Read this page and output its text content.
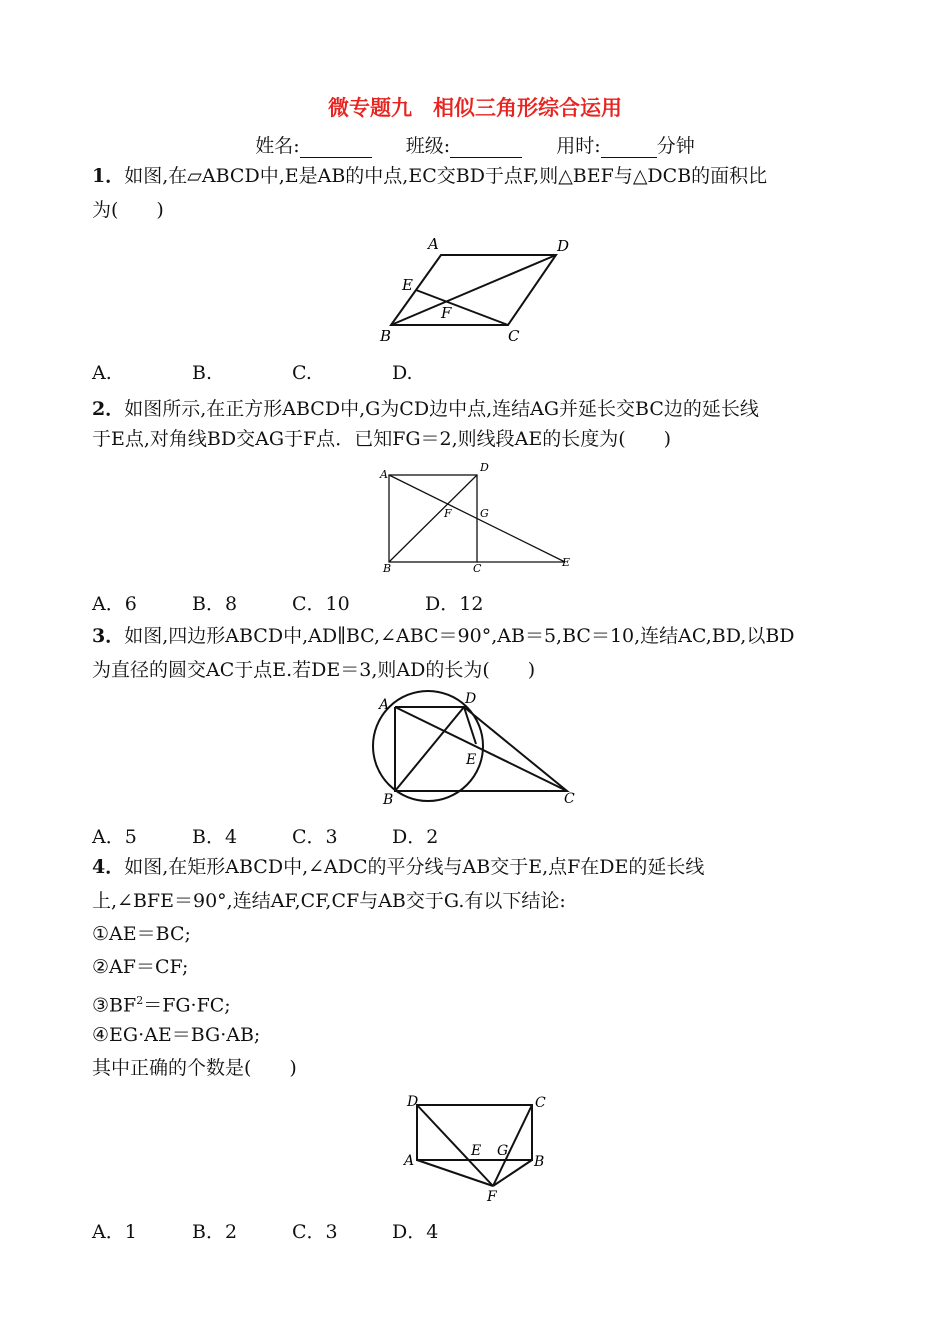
微专题九　相似三角形综合运用
姓名:	班级:	用时:	分钟
1．如图,在▱ABCD中,E是AB的中点,EC交BD于点F,则△BEF与△DCB的面积比
为(　　)
A	D
E
F
B	C
A.	B.	C.	D.
2．如图所示,在正方形ABCD中,G为CD边中点,连结AG并延长交BC边的延长线
于E点,对角线BD交AG于F点．已知FG＝2,则线段AE的长度为(　　)
A
D
F	G
B	C	E
A．6	B．8	C．10	D．12
3．如图,四边形ABCD中,AD∥BC,∠ABC＝90°,AB＝5,BC＝10,连结AC,BD,以BD
为直径的圆交AC于点E.若DE＝3,则AD的长为(　　)
A	D
E
B	C
A．5	B．4	C．3	D．2
4．如图,在矩形ABCD中,∠ADC的平分线与AB交于E,点F在DE的延长线
上,∠BFE＝90°,连结AF,CF,CF与AB交于G.有以下结论:
①AE＝BC;
②AF＝CF;
$③BF^2=FG\cdot FC$;
④EG·AE＝BG·AB;
其中正确的个数是(　　)
D	C
E G
A	B
F
A．1	B．2	C．3	D．4
